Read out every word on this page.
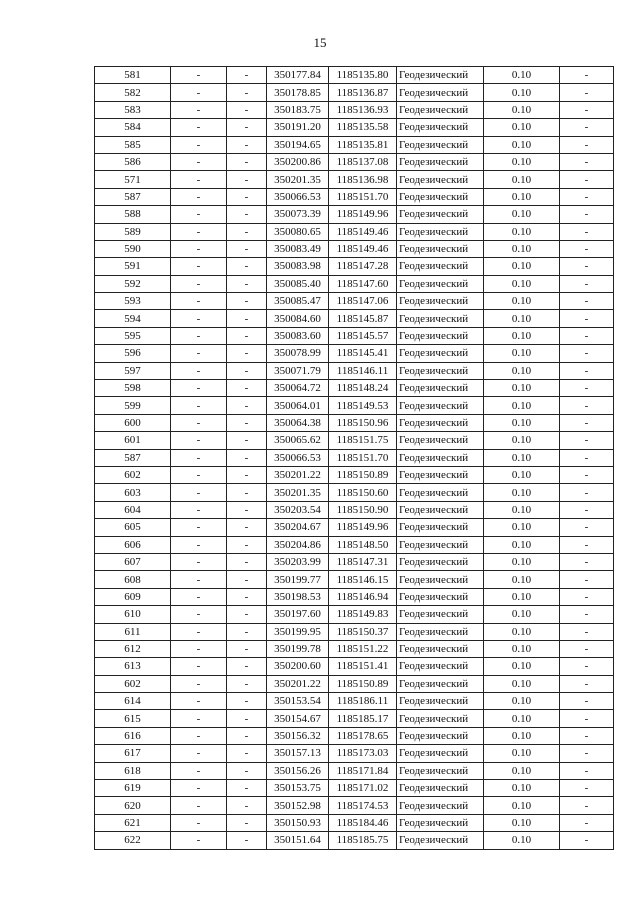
15
581	-	-	350177.84	1185135.80	Геодезический	0.10	-
582	-	-	350178.85	1185136.87	Геодезический	0.10	-
583	-	-	350183.75	1185136.93	Геодезический	0.10	-
584	-	-	350191.20	1185135.58	Геодезический	0.10	-
585	-	-	350194.65	1185135.81	Геодезический	0.10	-
586	-	-	350200.86	1185137.08	Геодезический	0.10	-
571	-	-	350201.35	1185136.98	Геодезический	0.10	-
587	-	-	350066.53	1185151.70	Геодезический	0.10	-
588	-	-	350073.39	1185149.96	Геодезический	0.10	-
589	-	-	350080.65	1185149.46	Геодезический	0.10	-
590	-	-	350083.49	1185149.46	Геодезический	0.10	-
591	-	-	350083.98	1185147.28	Геодезический	0.10	-
592	-	-	350085.40	1185147.60	Геодезический	0.10	-
593	-	-	350085.47	1185147.06	Геодезический	0.10	-
594	-	-	350084.60	1185145.87	Геодезический	0.10	-
595	-	-	350083.60	1185145.57	Геодезический	0.10	-
596	-	-	350078.99	1185145.41	Геодезический	0.10	-
597	-	-	350071.79	1185146.11	Геодезический	0.10	-
598	-	-	350064.72	1185148.24	Геодезический	0.10	-
599	-	-	350064.01	1185149.53	Геодезический	0.10	-
600	-	-	350064.38	1185150.96	Геодезический	0.10	-
601	-	-	350065.62	1185151.75	Геодезический	0.10	-
587	-	-	350066.53	1185151.70	Геодезический	0.10	-
602	-	-	350201.22	1185150.89	Геодезический	0.10	-
603	-	-	350201.35	1185150.60	Геодезический	0.10	-
604	-	-	350203.54	1185150.90	Геодезический	0.10	-
605	-	-	350204.67	1185149.96	Геодезический	0.10	-
606	-	-	350204.86	1185148.50	Геодезический	0.10	-
607	-	-	350203.99	1185147.31	Геодезический	0.10	-
608	-	-	350199.77	1185146.15	Геодезический	0.10	-
609	-	-	350198.53	1185146.94	Геодезический	0.10	-
610	-	-	350197.60	1185149.83	Геодезический	0.10	-
611	-	-	350199.95	1185150.37	Геодезический	0.10	-
612	-	-	350199.78	1185151.22	Геодезический	0.10	-
613	-	-	350200.60	1185151.41	Геодезический	0.10	-
602	-	-	350201.22	1185150.89	Геодезический	0.10	-
614	-	-	350153.54	1185186.11	Геодезический	0.10	-
615	-	-	350154.67	1185185.17	Геодезический	0.10	-
616	-	-	350156.32	1185178.65	Геодезический	0.10	-
617	-	-	350157.13	1185173.03	Геодезический	0.10	-
618	-	-	350156.26	1185171.84	Геодезический	0.10	-
619	-	-	350153.75	1185171.02	Геодезический	0.10	-
620	-	-	350152.98	1185174.53	Геодезический	0.10	-
621	-	-	350150.93	1185184.46	Геодезический	0.10	-
622	-	-	350151.64	1185185.75	Геодезический	0.10	-
